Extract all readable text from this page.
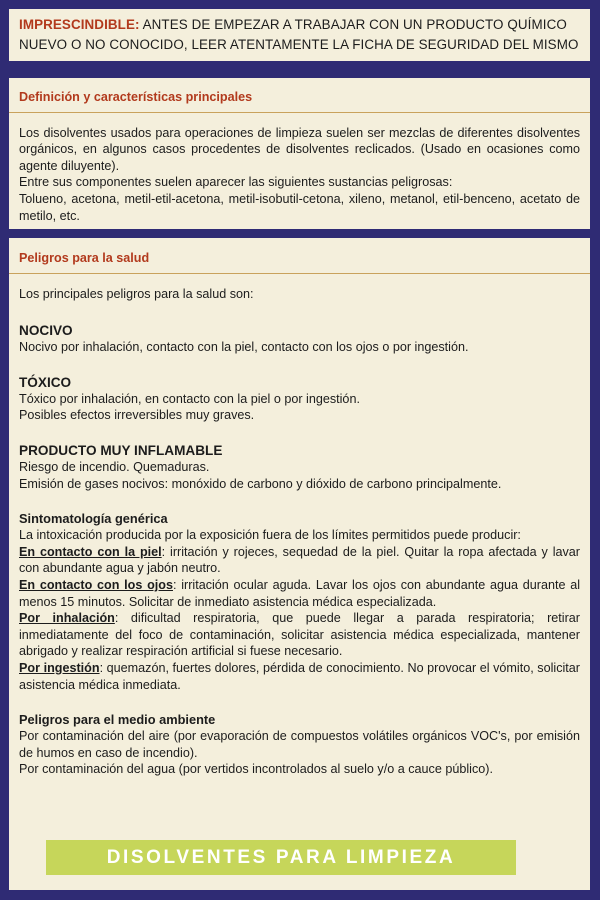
IMPRESCINDIBLE: ANTES DE EMPEZAR A TRABAJAR CON UN PRODUCTO QUÍMICO
NUEVO O NO CONOCIDO, LEER ATENTAMENTE LA FICHA DE SEGURIDAD DEL MISMO
Definición y características principales

Los disolventes usados para operaciones de limpieza suelen ser mezclas de diferentes disolventes orgánicos, en algunos casos procedentes de disolventes reclicados. (Usado en ocasiones como agente diluyente).

Entre sus componentes suelen aparecer las siguientes sustancias peligrosas:

Tolueno, acetona, metil-etil-acetona, metil-isobutil-cetona, xileno, metanol, etil-benceno, acetato de metilo, etc.

Peligros para la salud

Los principales peligros para la salud son:

NOCIVO

Nocivo por inhalación, contacto con la piel, contacto con los ojos o por ingestión.

TÓXICO

Tóxico por inhalación, en contacto con la piel o por ingestión.

Posibles efectos irreversibles muy graves.

PRODUCTO MUY INFLAMABLE

Riesgo de incendio. Quemaduras.

Emisión de gases nocivos: monóxido de carbono y dióxido de carbono principalmente.

Sintomatología genérica

La intoxicación producida por la exposición fuera de los límites permitidos puede producir:

En contacto con la piel: irritación y rojeces, sequedad de la piel. Quitar la ropa afectada y lavar con abundante agua y jabón neutro.

En contacto con los ojos: irritación ocular aguda. Lavar los ojos con abundante agua durante al menos 15 minutos. Solicitar de inmediato asistencia médica especializada.

Por inhalación: dificultad respiratoria, que puede llegar a parada respiratoria; retirar inmediatamente del foco de contaminación, solicitar asistencia médica especializada, mantener abrigado y realizar respiración artificial si fuese necesario.

Por ingestión: quemazón, fuertes dolores, pérdida de conocimiento. No provocar el vómito, solicitar asistencia médica inmediata.

Peligros para el medio ambiente

Por contaminación del aire (por evaporación de compuestos volátiles orgánicos VOC's, por emisión de humos en caso de incendio).

Por contaminación del agua (por vertidos incontrolados al suelo y/o a cauce público).

DISOLVENTES PARA LIMPIEZA
